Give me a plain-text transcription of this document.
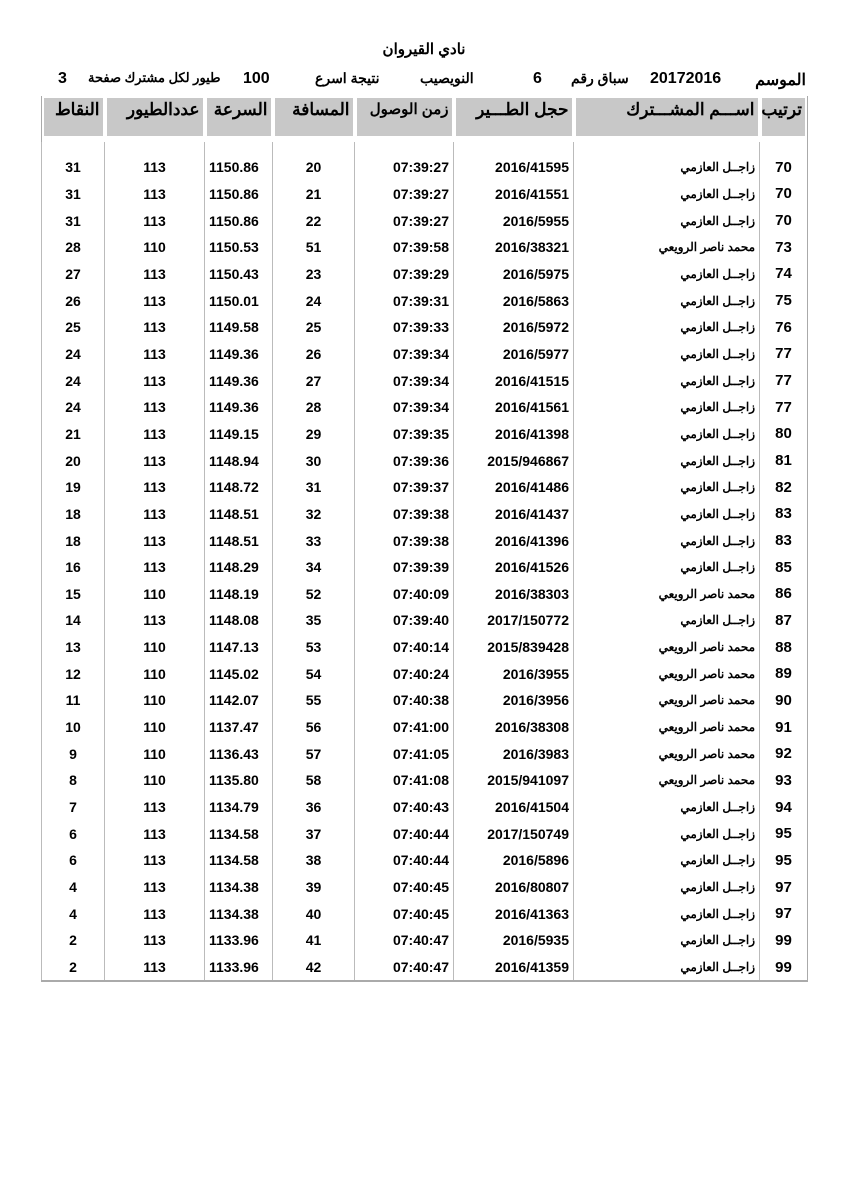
نادي القيروان
الموسم
20172016
سباق رقم
6
النويصيب
نتيجة اسرع
100
طيور لكل مشترك صفحة
3
ترتيب	اســـم المشـــترك	حجل الطـــير	زمن الوصول	المسافة	السرعة	عددالطيور	النقاط

70	زاجــل العازمي	2016/41595	07:39:27	20	1150.86	113	31
70	زاجــل العازمي	2016/41551	07:39:27	21	1150.86	113	31
70	زاجــل العازمي	2016/5955	07:39:27	22	1150.86	113	31
73	محمد ناصر الرويعي	2016/38321	07:39:58	51	1150.53	110	28
74	زاجــل العازمي	2016/5975	07:39:29	23	1150.43	113	27
75	زاجــل العازمي	2016/5863	07:39:31	24	1150.01	113	26
76	زاجــل العازمي	2016/5972	07:39:33	25	1149.58	113	25
77	زاجــل العازمي	2016/5977	07:39:34	26	1149.36	113	24
77	زاجــل العازمي	2016/41515	07:39:34	27	1149.36	113	24
77	زاجــل العازمي	2016/41561	07:39:34	28	1149.36	113	24
80	زاجــل العازمي	2016/41398	07:39:35	29	1149.15	113	21
81	زاجــل العازمي	2015/946867	07:39:36	30	1148.94	113	20
82	زاجــل العازمي	2016/41486	07:39:37	31	1148.72	113	19
83	زاجــل العازمي	2016/41437	07:39:38	32	1148.51	113	18
83	زاجــل العازمي	2016/41396	07:39:38	33	1148.51	113	18
85	زاجــل العازمي	2016/41526	07:39:39	34	1148.29	113	16
86	محمد ناصر الرويعي	2016/38303	07:40:09	52	1148.19	110	15
87	زاجــل العازمي	2017/150772	07:39:40	35	1148.08	113	14
88	محمد ناصر الرويعي	2015/839428	07:40:14	53	1147.13	110	13
89	محمد ناصر الرويعي	2016/3955	07:40:24	54	1145.02	110	12
90	محمد ناصر الرويعي	2016/3956	07:40:38	55	1142.07	110	11
91	محمد ناصر الرويعي	2016/38308	07:41:00	56	1137.47	110	10
92	محمد ناصر الرويعي	2016/3983	07:41:05	57	1136.43	110	9
93	محمد ناصر الرويعي	2015/941097	07:41:08	58	1135.80	110	8
94	زاجــل العازمي	2016/41504	07:40:43	36	1134.79	113	7
95	زاجــل العازمي	2017/150749	07:40:44	37	1134.58	113	6
95	زاجــل العازمي	2016/5896	07:40:44	38	1134.58	113	6
97	زاجــل العازمي	2016/80807	07:40:45	39	1134.38	113	4
97	زاجــل العازمي	2016/41363	07:40:45	40	1134.38	113	4
99	زاجــل العازمي	2016/5935	07:40:47	41	1133.96	113	2
99	زاجــل العازمي	2016/41359	07:40:47	42	1133.96	113	2
